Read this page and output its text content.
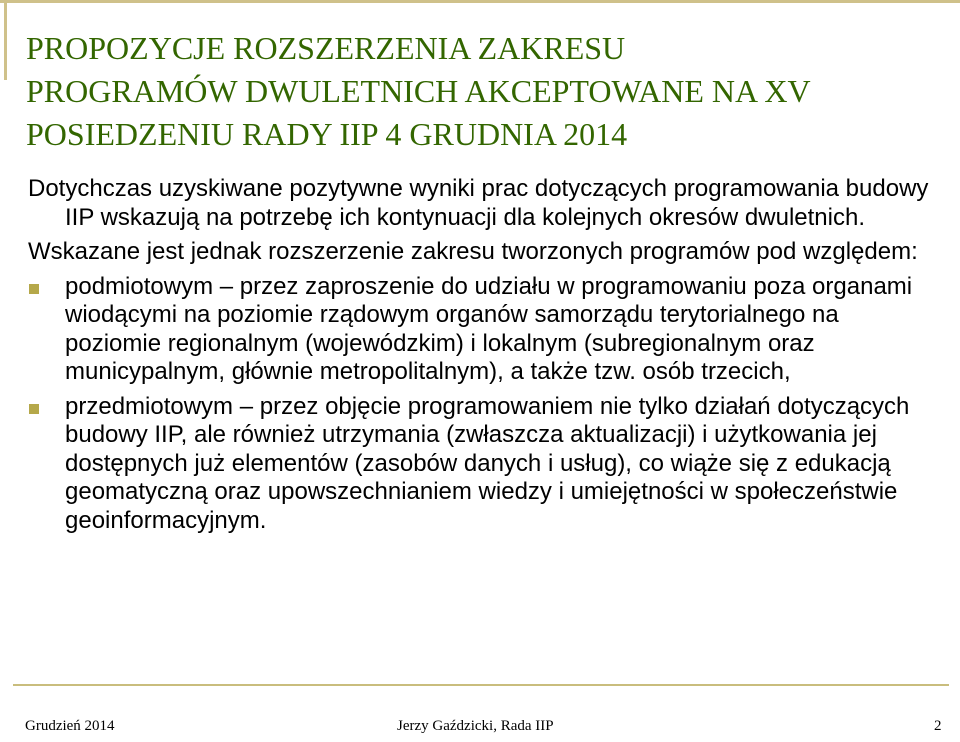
PROPOZYCJE ROZSZERZENIA ZAKRESU
PROGRAMÓW DWULETNICH AKCEPTOWANE NA XV
POSIEDZENIU RADY IIP 4 GRUDNIA 2014

Dotychczas uzyskiwane pozytywne wyniki prac dotyczących programowania budowy IIP wskazują na potrzebę ich kontynuacji dla kolejnych okresów dwuletnich.

Wskazane jest jednak rozszerzenie zakresu tworzonych programów pod względem:

podmiotowym – przez zaproszenie do udziału w programowaniu poza organami wiodącymi na poziomie rządowym organów samorządu terytorialnego na poziomie regionalnym (wojewódzkim) i lokalnym (subregionalnym oraz municypalnym, głównie metropolitalnym), a także tzw. osób trzecich,
przedmiotowym – przez objęcie programowaniem nie tylko działań dotyczących budowy IIP, ale również utrzymania (zwłaszcza aktualizacji) i użytkowania jej dostępnych już elementów (zasobów danych i usług), co wiąże się z edukacją geomatyczną oraz upowszechnianiem wiedzy i umiejętności w społeczeństwie geoinformacyjnym.
Grudzień 2014	Jerzy Gaździcki, Rada IIP	2
